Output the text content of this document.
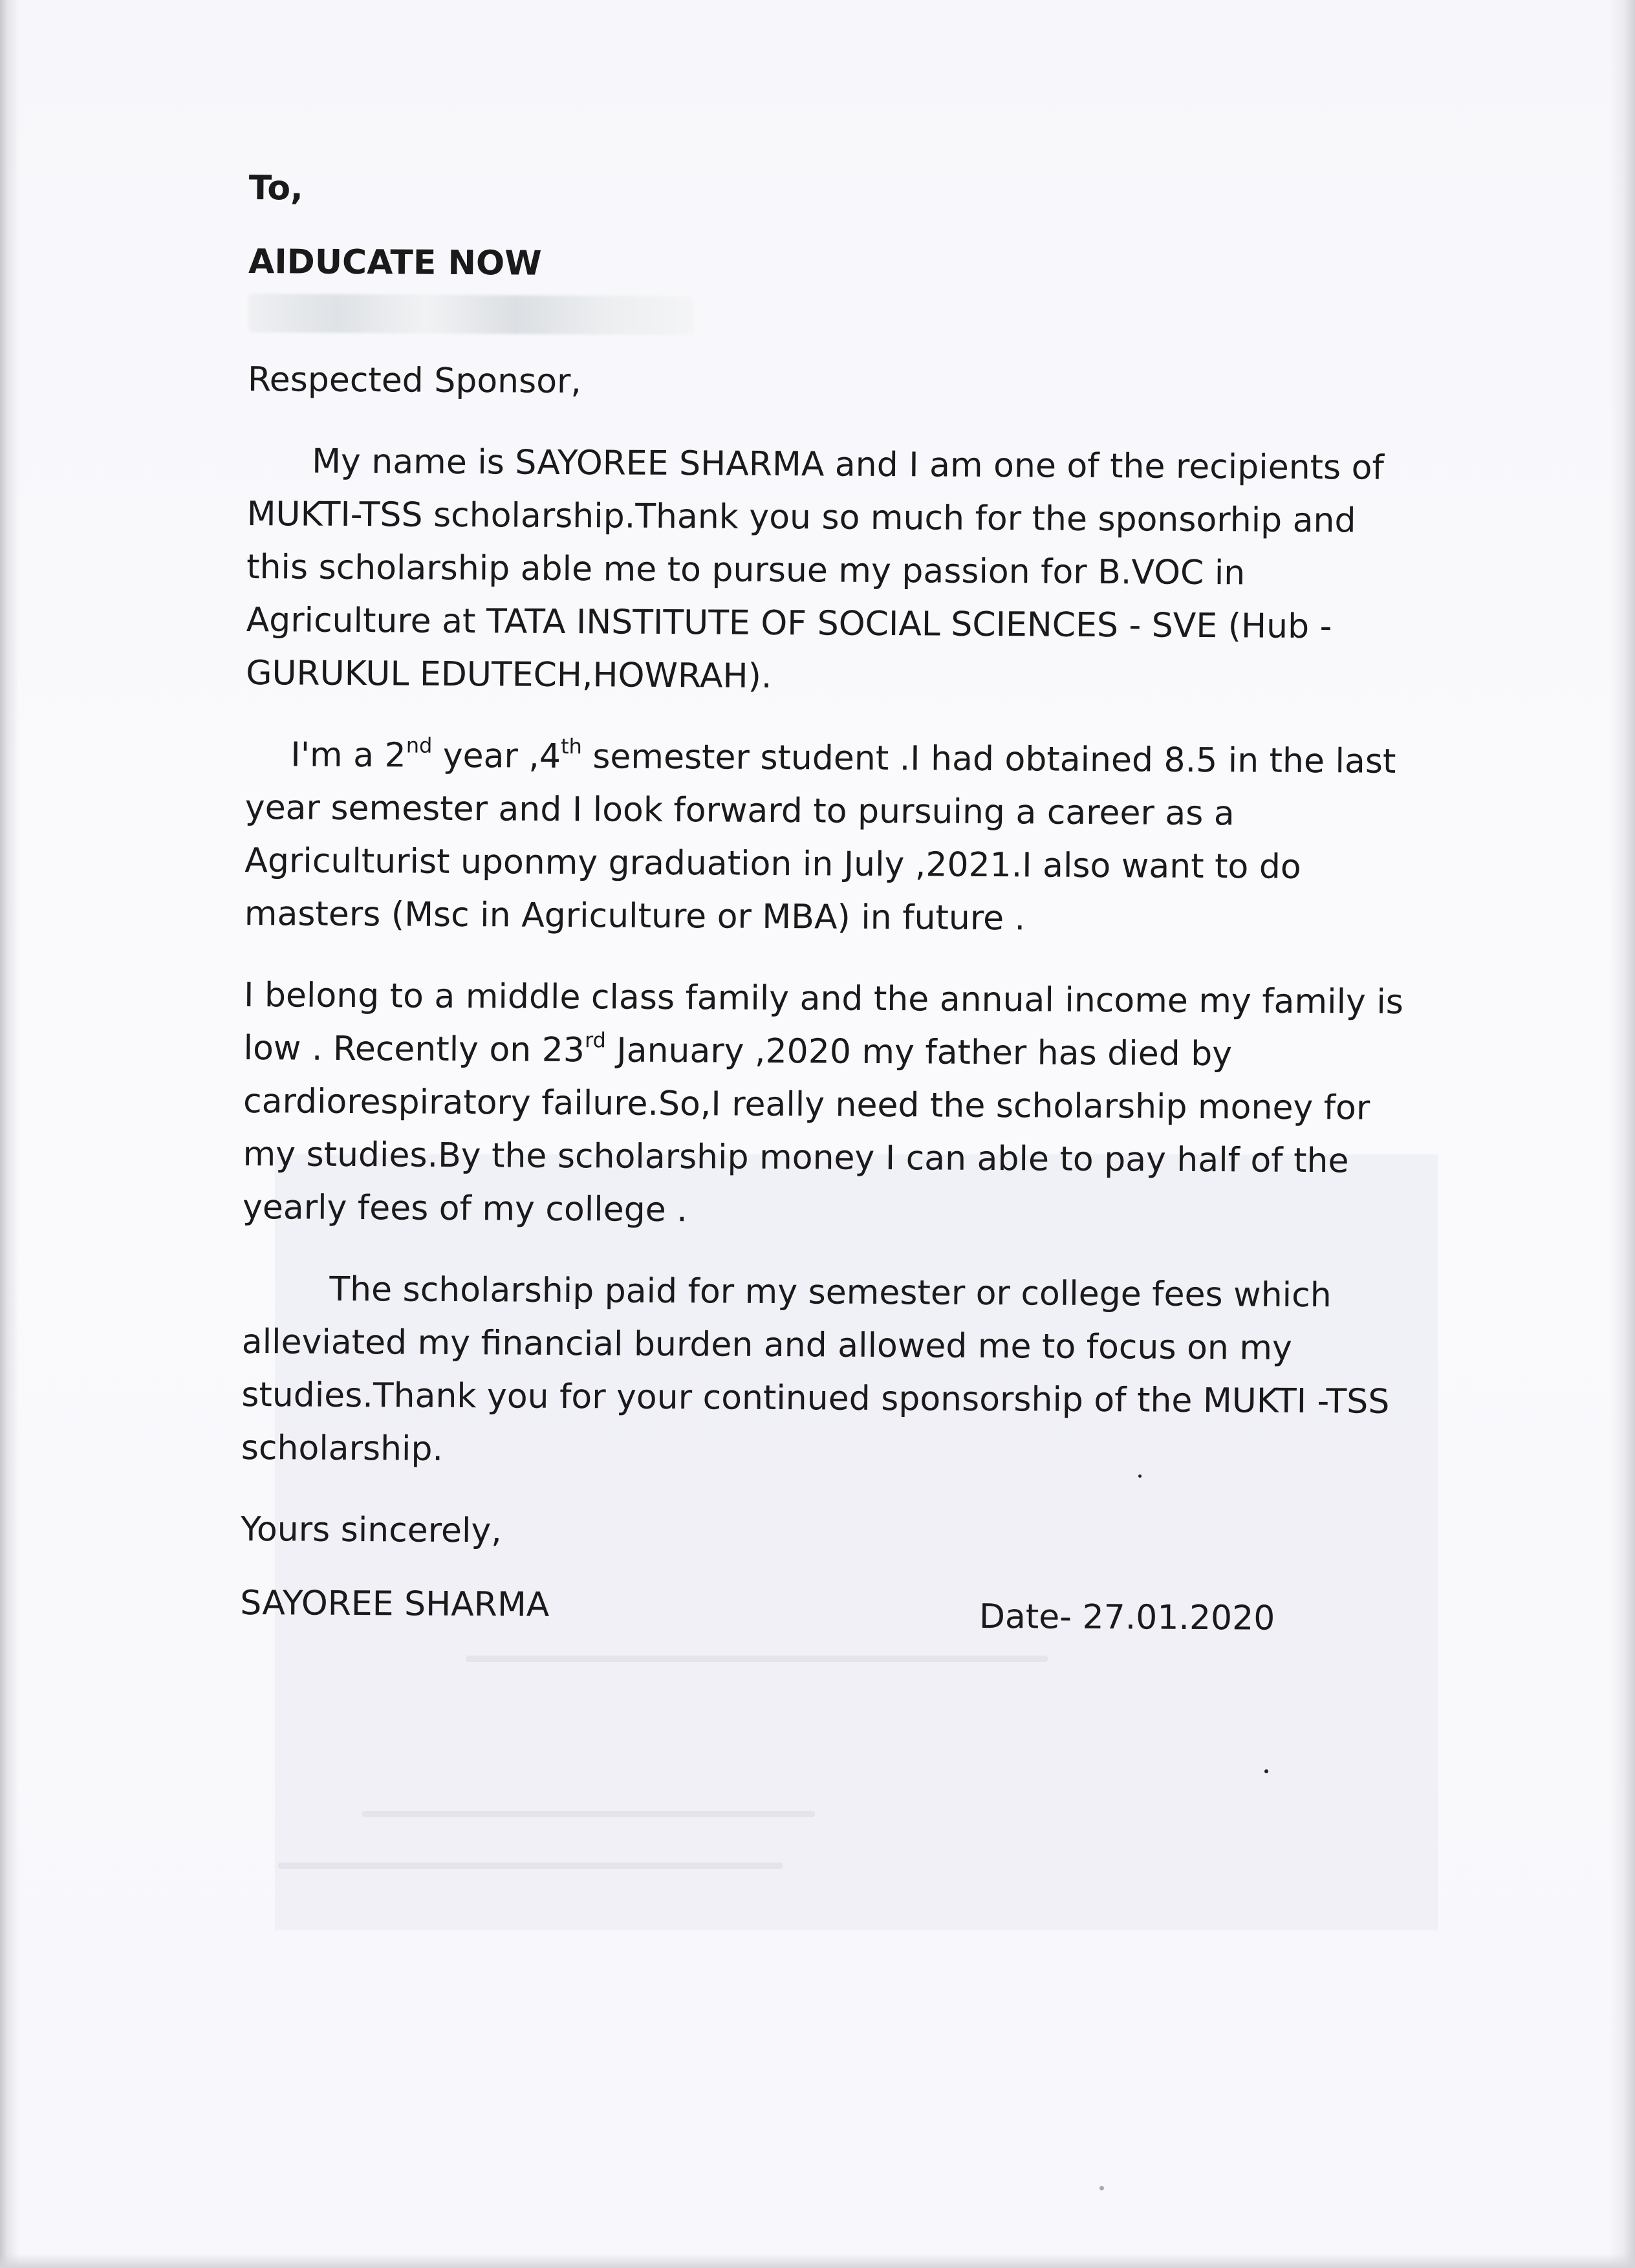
To,
AIDUCATE NOW
Respected Sponsor,
My name is SAYOREE SHARMA and I am one of the recipients of
MUKTI-TSS scholarship.Thank you so much for the sponsorhip and
this scholarship able me to pursue my passion for B.VOC in
Agriculture at TATA INSTITUTE OF SOCIAL SCIENCES - SVE (Hub -
GURUKUL EDUTECH,HOWRAH).
I'm a 2nd year ,4th semester student .I had obtained 8.5 in the last
year semester and I look forward to pursuing a career as a
Agriculturist uponmy graduation in July ,2021.I also want to do
masters (Msc in Agriculture or MBA) in future .
I belong to a middle class family and the annual income my family is
low . Recently on 23rd January ,2020 my father has died by
cardiorespiratory failure.So,I really need the scholarship money for
my studies.By the scholarship money I can able to pay half of the
yearly fees of my college .
The scholarship paid for my semester or college fees which
alleviated my financial burden and allowed me to focus on my
studies.Thank you for your continued sponsorship of the MUKTI -TSS
scholarship.
Yours sincerely,
SAYOREE SHARMA	Date- 27.01.2020
